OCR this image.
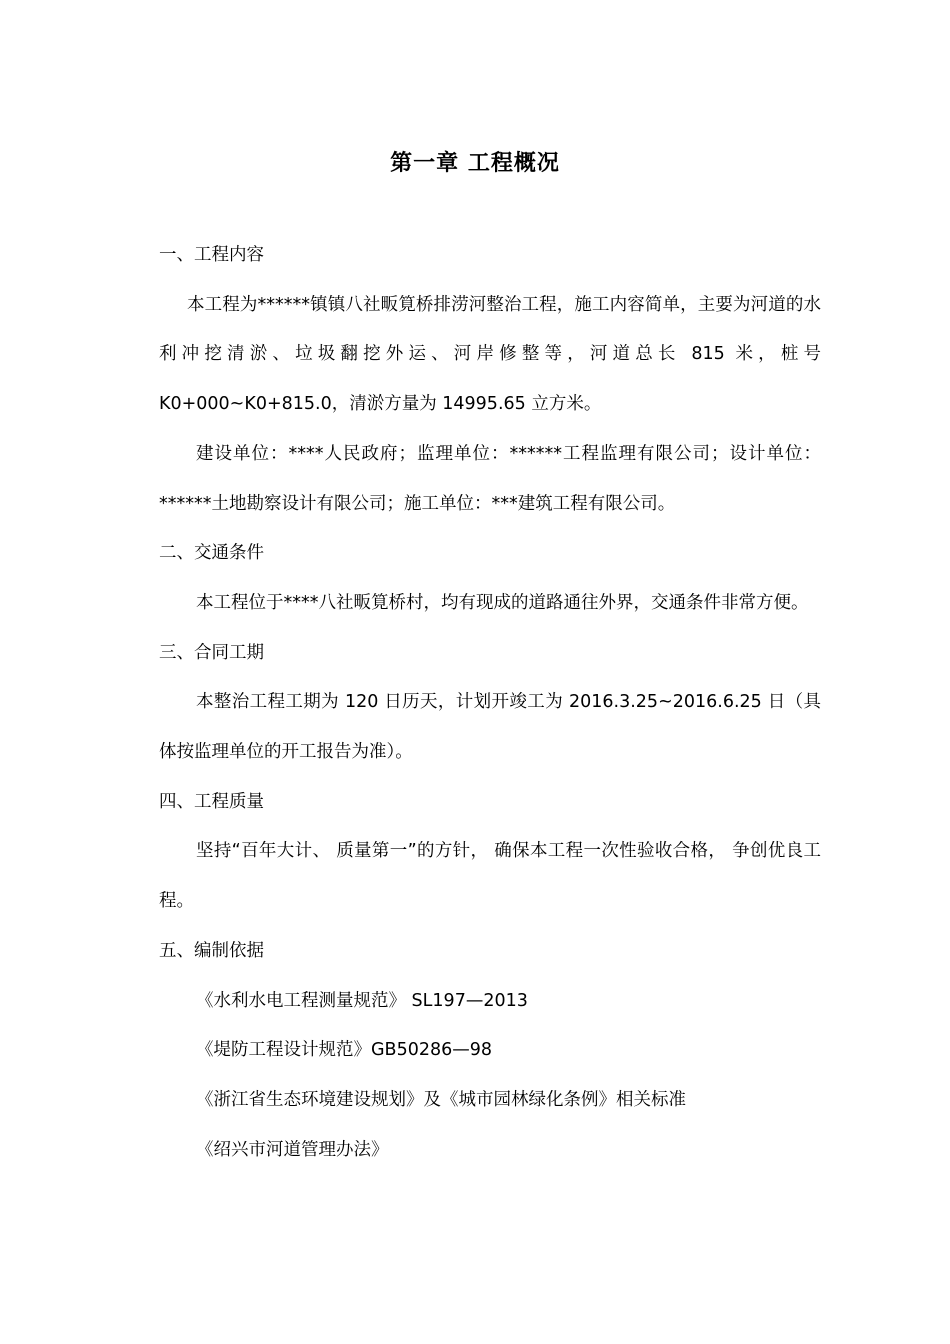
第一章 工程概况

一、工程内容

本工程为******镇镇八社畈筧桥排涝河整治工程，施工内容简单，主要为河道的水利冲挖清淤、垃圾翻挖外运、河岸修整等，河道总长 815 米，桩号K0+000~K0+815.0，清淤方量为 14995.65 立方米。

建设单位：****人民政府；监理单位：******工程监理有限公司；设计单位：******土地勘察设计有限公司；施工单位：***建筑工程有限公司。

二、交通条件

本工程位于****八社畈筧桥村，均有现成的道路通往外界，交通条件非常方便。

三、合同工期

本整治工程工期为 120 日历天，计划开竣工为 2016.3.25~2016.6.25 日（具体按监理单位的开工报告为准）。

四、工程质量

坚持“百年大计、 质量第一”的方针， 确保本工程一次性验收合格， 争创优良工程。

五、编制依据

《水利水电工程测量规范》 SL197—2013

《堤防工程设计规范》GB50286—98

《浙江省生态环境建设规划》及《城市园林绿化条例》相关标准

《绍兴市河道管理办法》
